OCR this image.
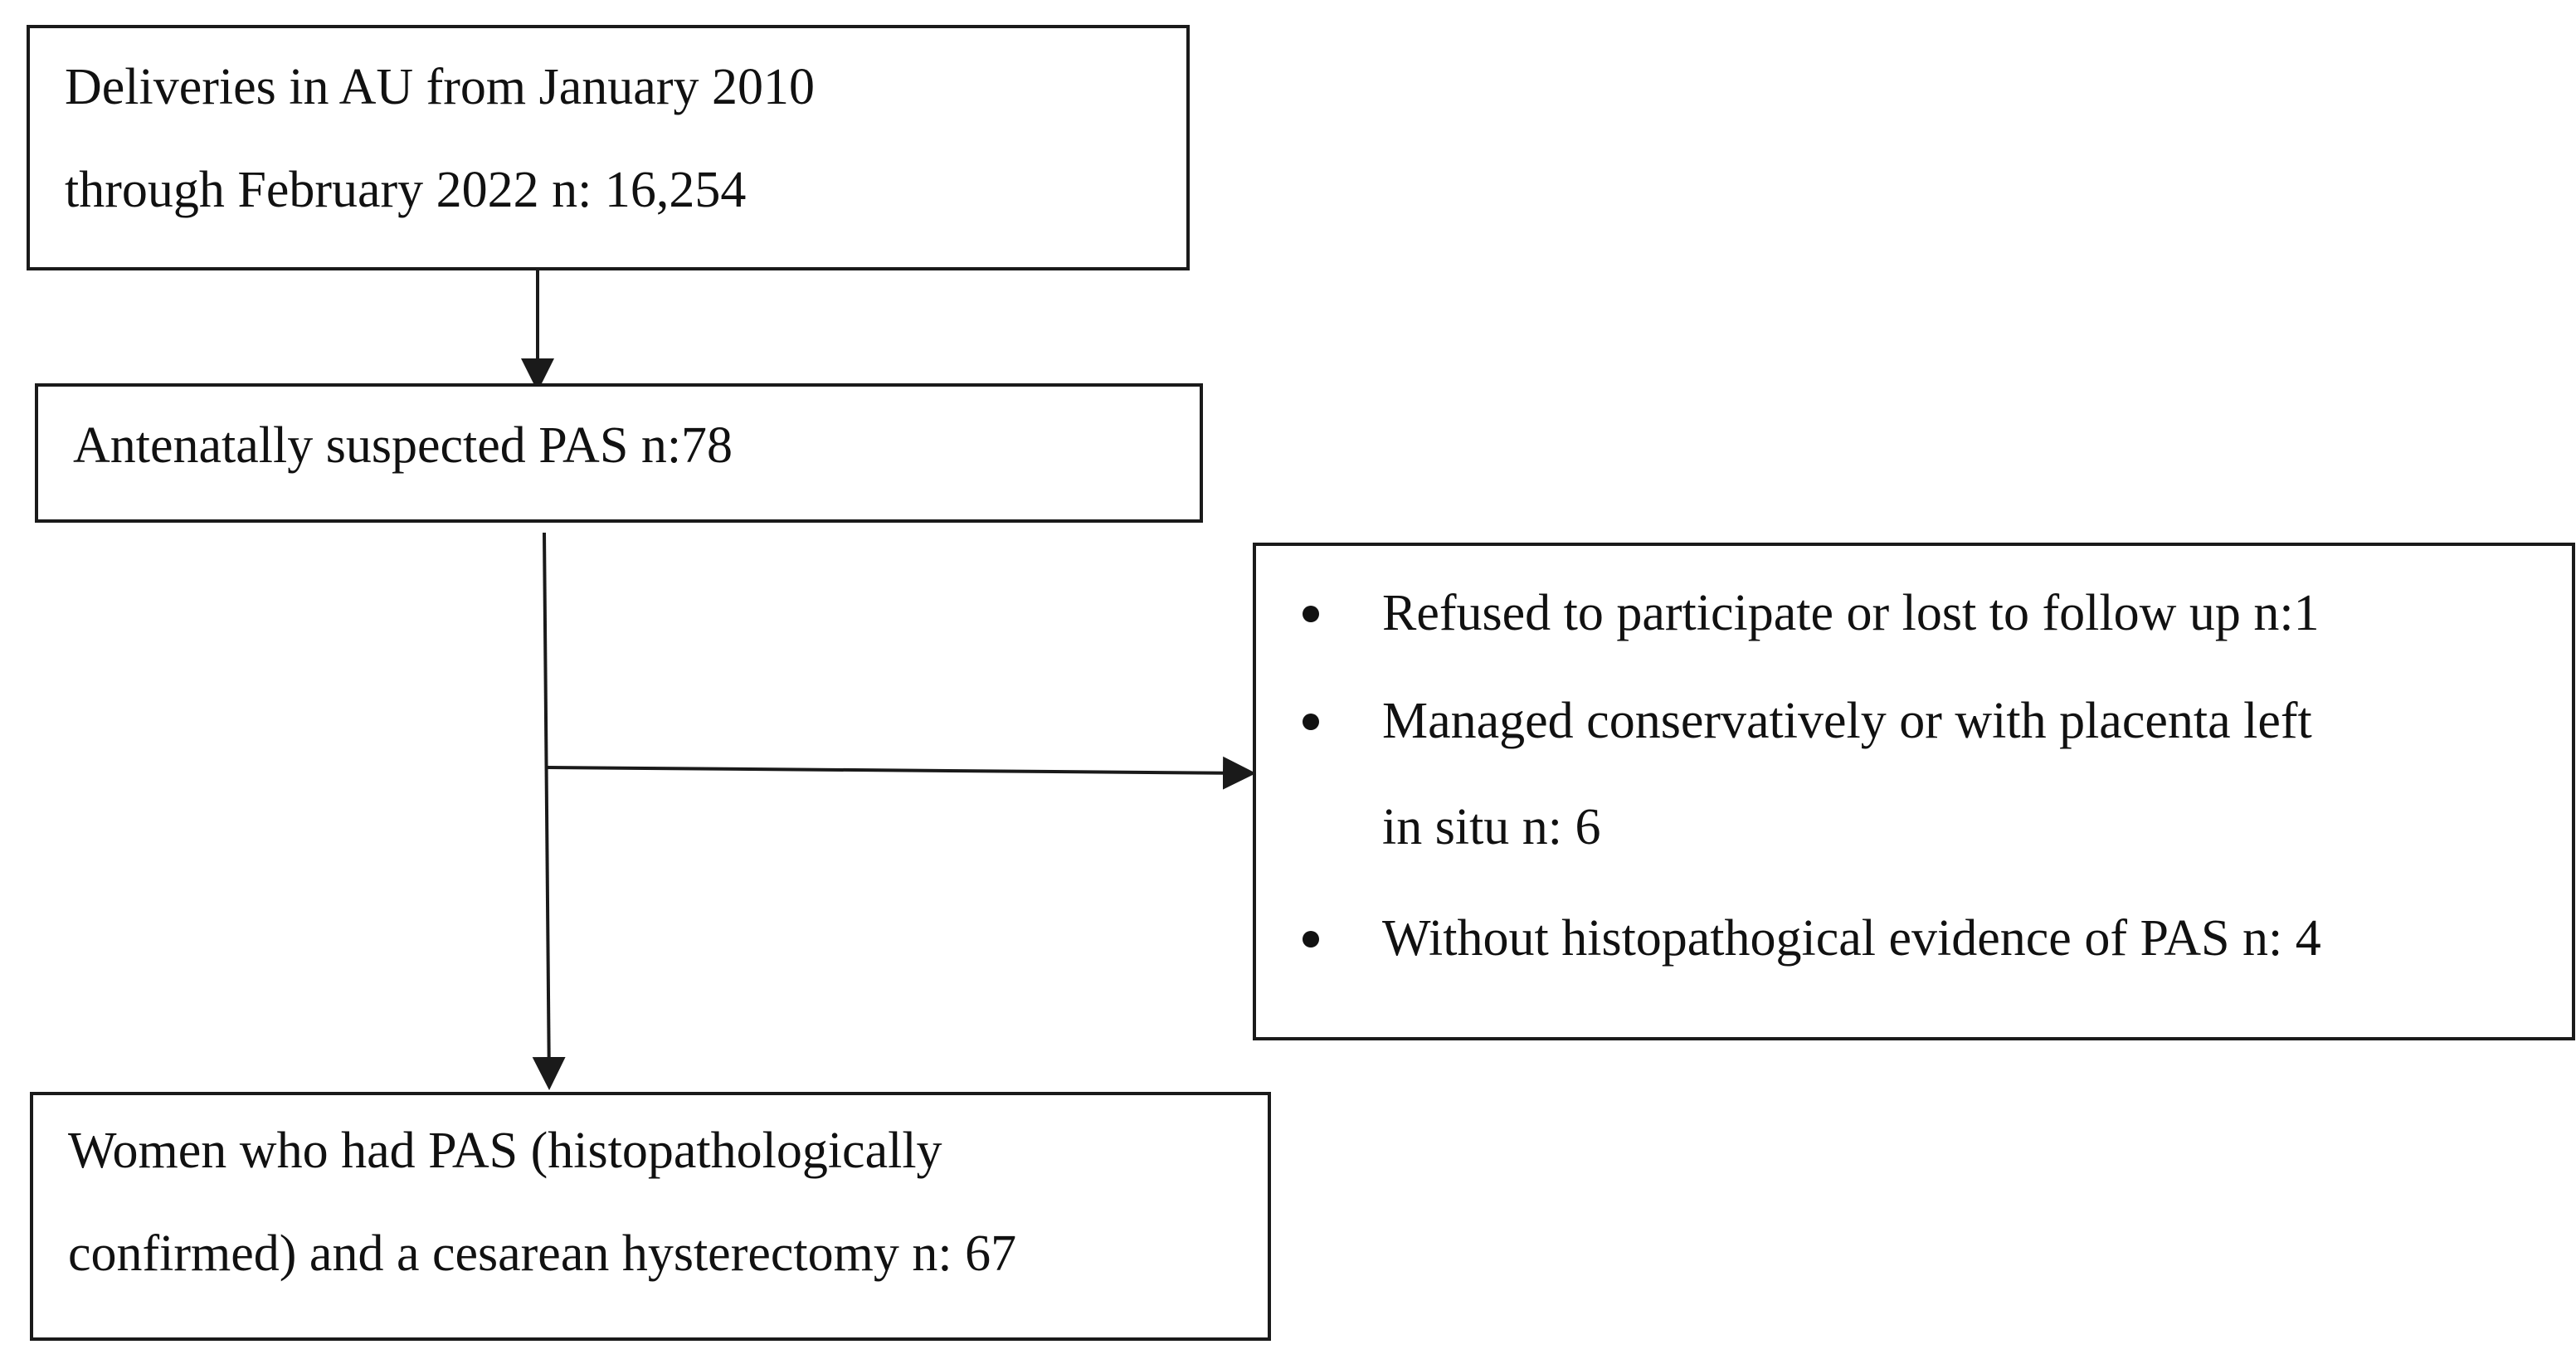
Deliveries in AU from January 2010

through February 2022 n: 16,254

Antenatally suspected PAS n:78

Refused to participate or lost to follow up n:1

Managed conservatively or with placenta left

in situ n: 6

Without histopathogical evidence of PAS n: 4

Women who had PAS (histopathologically

confirmed) and a cesarean hysterectomy n: 67
